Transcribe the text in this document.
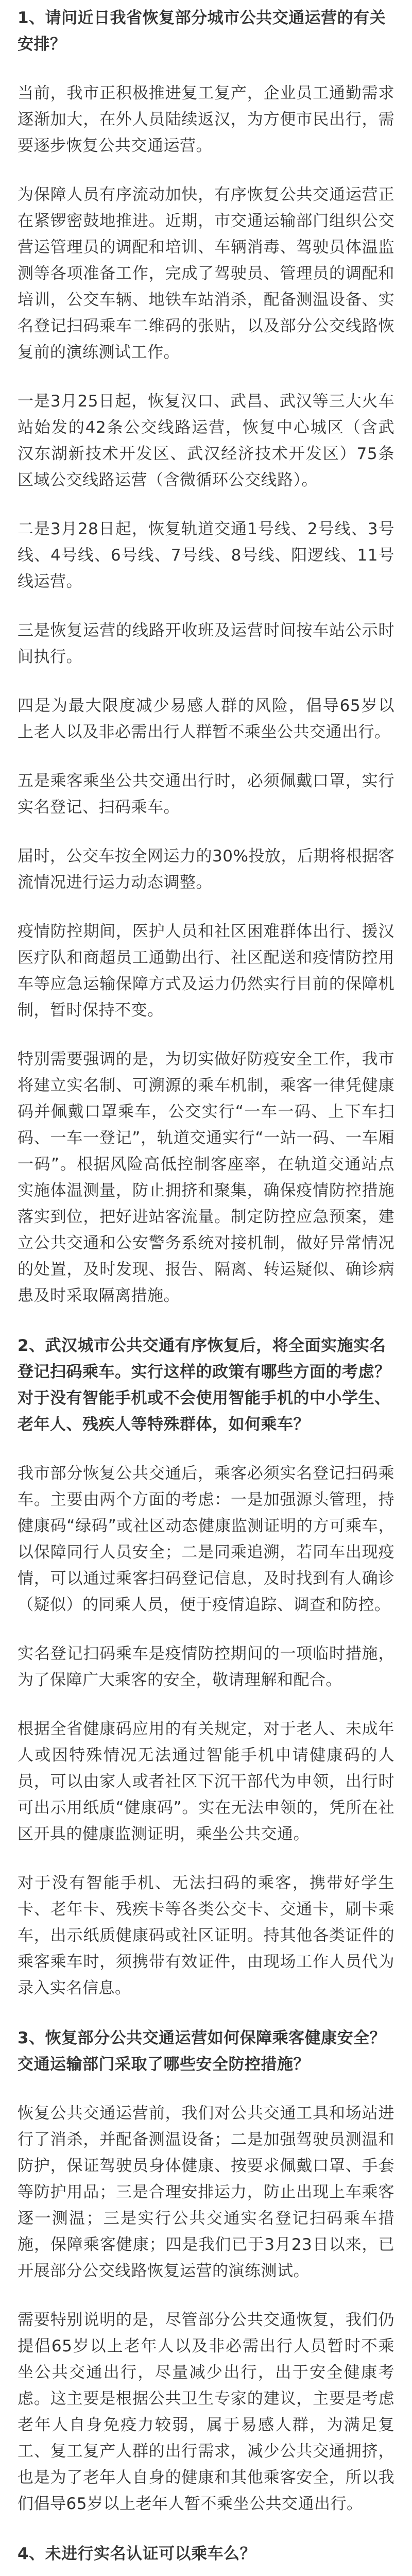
1、请问近日我省恢复部分城市公共交通运营的有关安排？

当前，我市正积极推进复工复产，企业员工通勤需求逐渐加大，在外人员陆续返汉，为方便市民出行，需要逐步恢复公共交通运营。

为保障人员有序流动加快，有序恢复公共交通运营正在紧锣密鼓地推进。近期，市交通运输部门组织公交营运管理员的调配和培训、车辆消毒、驾驶员体温监测等各项准备工作，完成了驾驶员、管理员的调配和培训，公交车辆、地铁车站消杀，配备测温设备、实名登记扫码乘车二维码的张贴，以及部分公交线路恢复前的演练测试工作。

一是3月25日起，恢复汉口、武昌、武汉等三大火车站始发的42条公交线路运营，恢复中心城区（含武汉东湖新技术开发区、武汉经济技术开发区）75条区域公交线路运营（含微循环公交线路）。

二是3月28日起，恢复轨道交通1号线、2号线、3号线、4号线、6号线、7号线、8号线、阳逻线、11号线运营。

三是恢复运营的线路开收班及运营时间按车站公示时间执行。

四是为最大限度减少易感人群的风险，倡导65岁以上老人以及非必需出行人群暂不乘坐公共交通出行。

五是乘客乘坐公共交通出行时，必须佩戴口罩，实行实名登记、扫码乘车。

届时，公交车按全网运力的30%投放，后期将根据客流情况进行运力动态调整。

疫情防控期间，医护人员和社区困难群体出行、援汉医疗队和商超员工通勤出行、社区配送和疫情防控用车等应急运输保障方式及运力仍然实行目前的保障机制，暂时保持不变。

特别需要强调的是，为切实做好防疫安全工作，我市将建立实名制、可溯源的乘车机制，乘客一律凭健康码并佩戴口罩乘车，公交实行“一车一码、上下车扫码、一车一登记”，轨道交通实行“一站一码、一车厢一码”。根据风险高低控制客座率，在轨道交通站点实施体温测量，防止拥挤和聚集，确保疫情防控措施落实到位，把好进站客流量。制定防控应急预案，建立公共交通和公安警务系统对接机制，做好异常情况的处置，及时发现、报告、隔离、转运疑似、确诊病患及时采取隔离措施。

2、武汉城市公共交通有序恢复后，将全面实施实名登记扫码乘车。实行这样的政策有哪些方面的考虑？对于没有智能手机或不会使用智能手机的中小学生、老年人、残疾人等特殊群体，如何乘车？

我市部分恢复公共交通后，乘客必须实名登记扫码乘车。主要由两个方面的考虑：一是加强源头管理，持健康码“绿码”或社区动态健康监测证明的方可乘车，以保障同行人员安全；二是同乘追溯，若同车出现疫情，可以通过乘客扫码登记信息，及时找到有人确诊（疑似）的同乘人员，便于疫情追踪、调查和防控。

实名登记扫码乘车是疫情防控期间的一项临时措施，为了保障广大乘客的安全，敬请理解和配合。

根据全省健康码应用的有关规定，对于老人、未成年人或因特殊情况无法通过智能手机申请健康码的人员，可以由家人或者社区下沉干部代为申领，出行时可出示用纸质“健康码”。实在无法申领的，凭所在社区开具的健康监测证明，乘坐公共交通。

对于没有智能手机、无法扫码的乘客，携带好学生卡、老年卡、残疾卡等各类公交卡、交通卡，刷卡乘车，出示纸质健康码或社区证明。持其他各类证件的乘客乘车时，须携带有效证件，由现场工作人员代为录入实名信息。

3、恢复部分公共交通运营如何保障乘客健康安全？交通运输部门采取了哪些安全防控措施？

恢复公共交通运营前，我们对公共交通工具和场站进行了消杀，并配备测温设备；二是加强驾驶员测温和防护，保证驾驶员身体健康、按要求佩戴口罩、手套等防护用品；三是合理安排运力，防止出现上车乘客逐一测温；三是实行公共交通实名登记扫码乘车措施，保障乘客健康；四是我们已于3月23日以来，已开展部分公交线路恢复运营的演练测试。

需要特别说明的是，尽管部分公共交通恢复，我们仍提倡65岁以上老年人以及非必需出行人员暂时不乘坐公共交通出行，尽量减少出行，出于安全健康考虑。这主要是根据公共卫生专家的建议，主要是考虑老年人自身免疫力较弱，属于易感人群，为满足复工、复工复产人群的出行需求，减少公共交通拥挤，也是为了老年人自身的健康和其他乘客安全，所以我们倡导65岁以上老年人暂不乘坐公共交通出行。

4、未进行实名认证可以乘车么？
